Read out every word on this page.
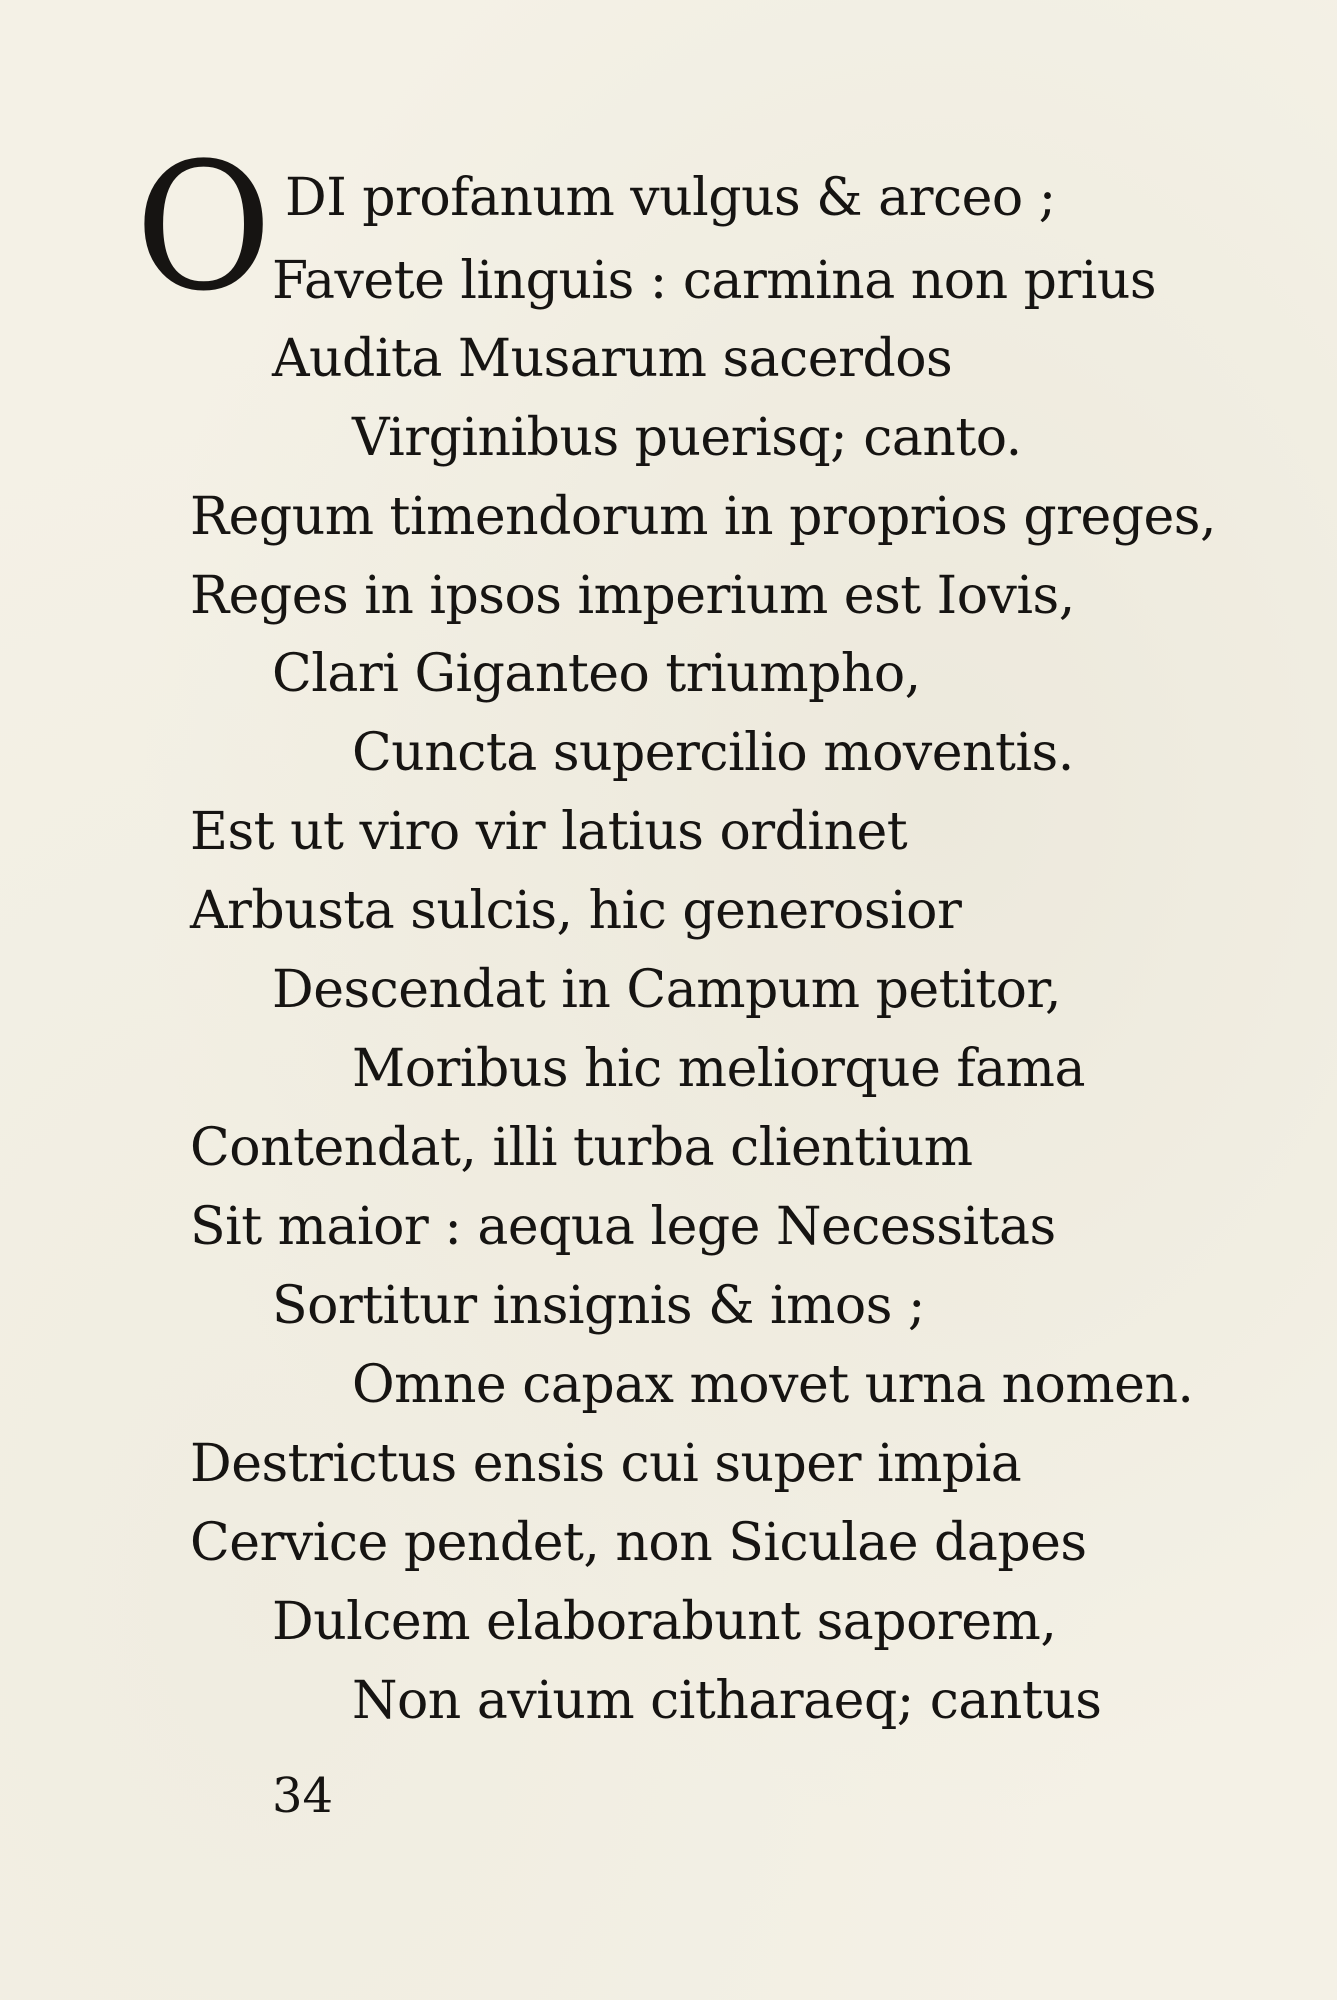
O DI profanum vulgus & arceo ;
Favete linguis : carmina non prius
Audita Musarum sacerdos
Virginibus puerisq; canto.
Regum timendorum in proprios greges,
Reges in ipsos imperium est Iovis,
Clari Giganteo triumpho,
Cuncta supercilio moventis.
Est ut viro vir latius ordinet
Arbusta sulcis, hic generosior
Descendat in Campum petitor,
Moribus hic meliorque fama
Contendat, illi turba clientium
Sit maior : aequa lege Necessitas
Sortitur insignis & imos ;
Omne capax movet urna nomen.
Destrictus ensis cui super impia
Cervice pendet, non Siculae dapes
Dulcem elaborabunt saporem,
Non avium citharaeq; cantus
34
